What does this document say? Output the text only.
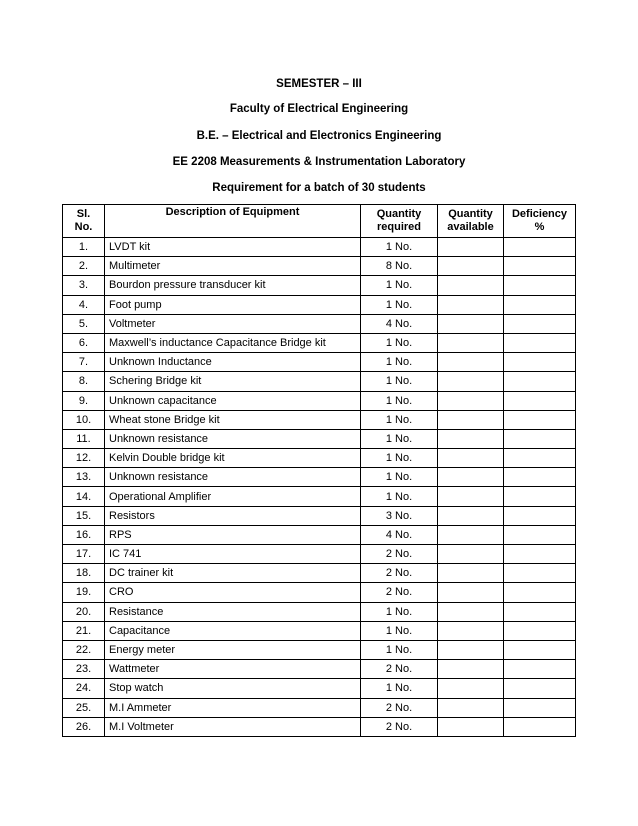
SEMESTER – III
Faculty of Electrical Engineering
B.E. – Electrical and Electronics Engineering
EE 2208 Measurements & Instrumentation Laboratory
Requirement for a batch of 30 students
Sl. No.	Description of Equipment	Quantity required	Quantity available	Deficiency %
1.	LVDT kit	1 No.		
2.	Multimeter	8 No.		
3.	Bourdon pressure transducer kit	1 No.		
4.	Foot pump	1 No.		
5.	Voltmeter	4 No.		
6.	Maxwell’s inductance Capacitance Bridge kit	1 No.		
7.	Unknown Inductance	1 No.		
8.	Schering Bridge kit	1 No.		
9.	Unknown capacitance	1 No.		
10.	Wheat stone Bridge kit	1 No.		
11.	Unknown resistance	1 No.		
12.	Kelvin Double bridge kit	1 No.		
13.	Unknown resistance	1 No.		
14.	Operational Amplifier	1 No.		
15.	Resistors	3 No.		
16.	RPS	4 No.		
17.	IC 741	2 No.		
18.	DC trainer kit	2 No.		
19.	CRO	2 No.		
20.	Resistance	1 No.		
21.	Capacitance	1 No.		
22.	Energy meter	1 No.		
23.	Wattmeter	2 No.		
24.	Stop watch	1 No.		
25.	M.I Ammeter	2 No.		
26.	M.I Voltmeter	2 No.		
